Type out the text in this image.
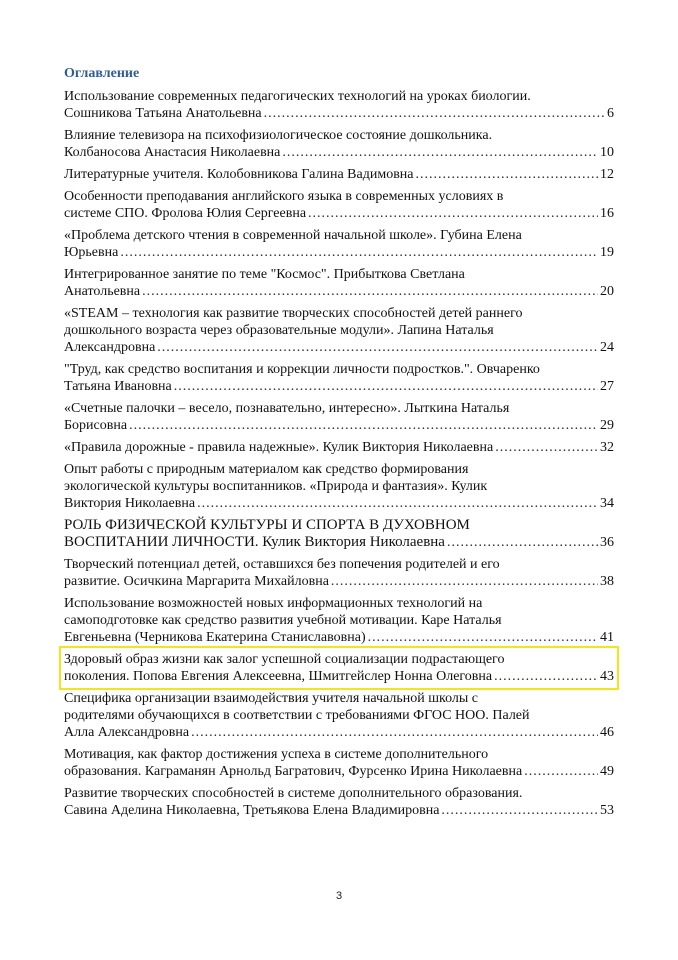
Оглавление
Использование современных педагогических технологий на уроках биологии.
Сошникова Татьяна Анатольевна .....	6
Влияние телевизора на психофизиологическое состояние дошкольника.
Колбаносова Анастасия Николаевна .....	10
Литературные учителя. Колобовникова Галина Вадимовна .....	12
Особенности преподавания английского языка в современных условиях в
системе СПО. Фролова Юлия Сергеевна .....	16
«Проблема детского чтения в современной начальной школе». Губина Елена
Юрьевна .....	19
Интегрированное занятие по теме "Космос". Прибыткова Светлана
Анатольевна .....	20
«STEAM – технология как развитие творческих способностей детей раннего
дошкольного возраста через образовательные модули». Лапина Наталья
Александровна .....	24
"Труд, как средство воспитания и коррекции личности подростков.". Овчаренко
Татьяна Ивановна .....	27
«Счетные палочки – весело, познавательно, интересно». Лыткина Наталья
Борисовна .....	29
«Правила дорожные - правила надежные». Кулик Виктория Николаевна .....	32
Опыт работы с природным материалом как средство формирования
экологической культуры воспитанников. «Природа и фантазия». Кулик
Виктория Николаевна .....	34
РОЛЬ ФИЗИЧЕСКОЙ КУЛЬТУРЫ И СПОРТА В ДУХОВНОМ
ВОСПИТАНИИ ЛИЧНОСТИ. Кулик Виктория Николаевна .....	36
Творческий потенциал детей, оставшихся без попечения родителей и его
развитие. Осичкина Маргарита Михайловна .....	38
Использование возможностей новых информационных технологий на
самоподготовке как средство развития учебной мотивации. Каре Наталья
Евгеньевна (Черникова Екатерина Станиславовна) .....	41
Здоровый образ жизни как залог успешной социализации подрастающего
поколения. Попова Евгения Алексеевна, Шмитгейслер Нонна Олеговна .....	43
Специфика организации взаимодействия учителя начальной школы с
родителями обучающихся в соответствии с требованиями ФГОС НОО. Палей
Алла Александровна .....	46
Мотивация, как фактор достижения успеха в системе дополнительного
образования. Каграманян Арнольд Багратович, Фурсенко Ирина Николаевна .....	49
Развитие творческих способностей в системе дополнительного образования.
Савина Аделина Николаевна, Третьякова Елена Владимировна .....	53
3
